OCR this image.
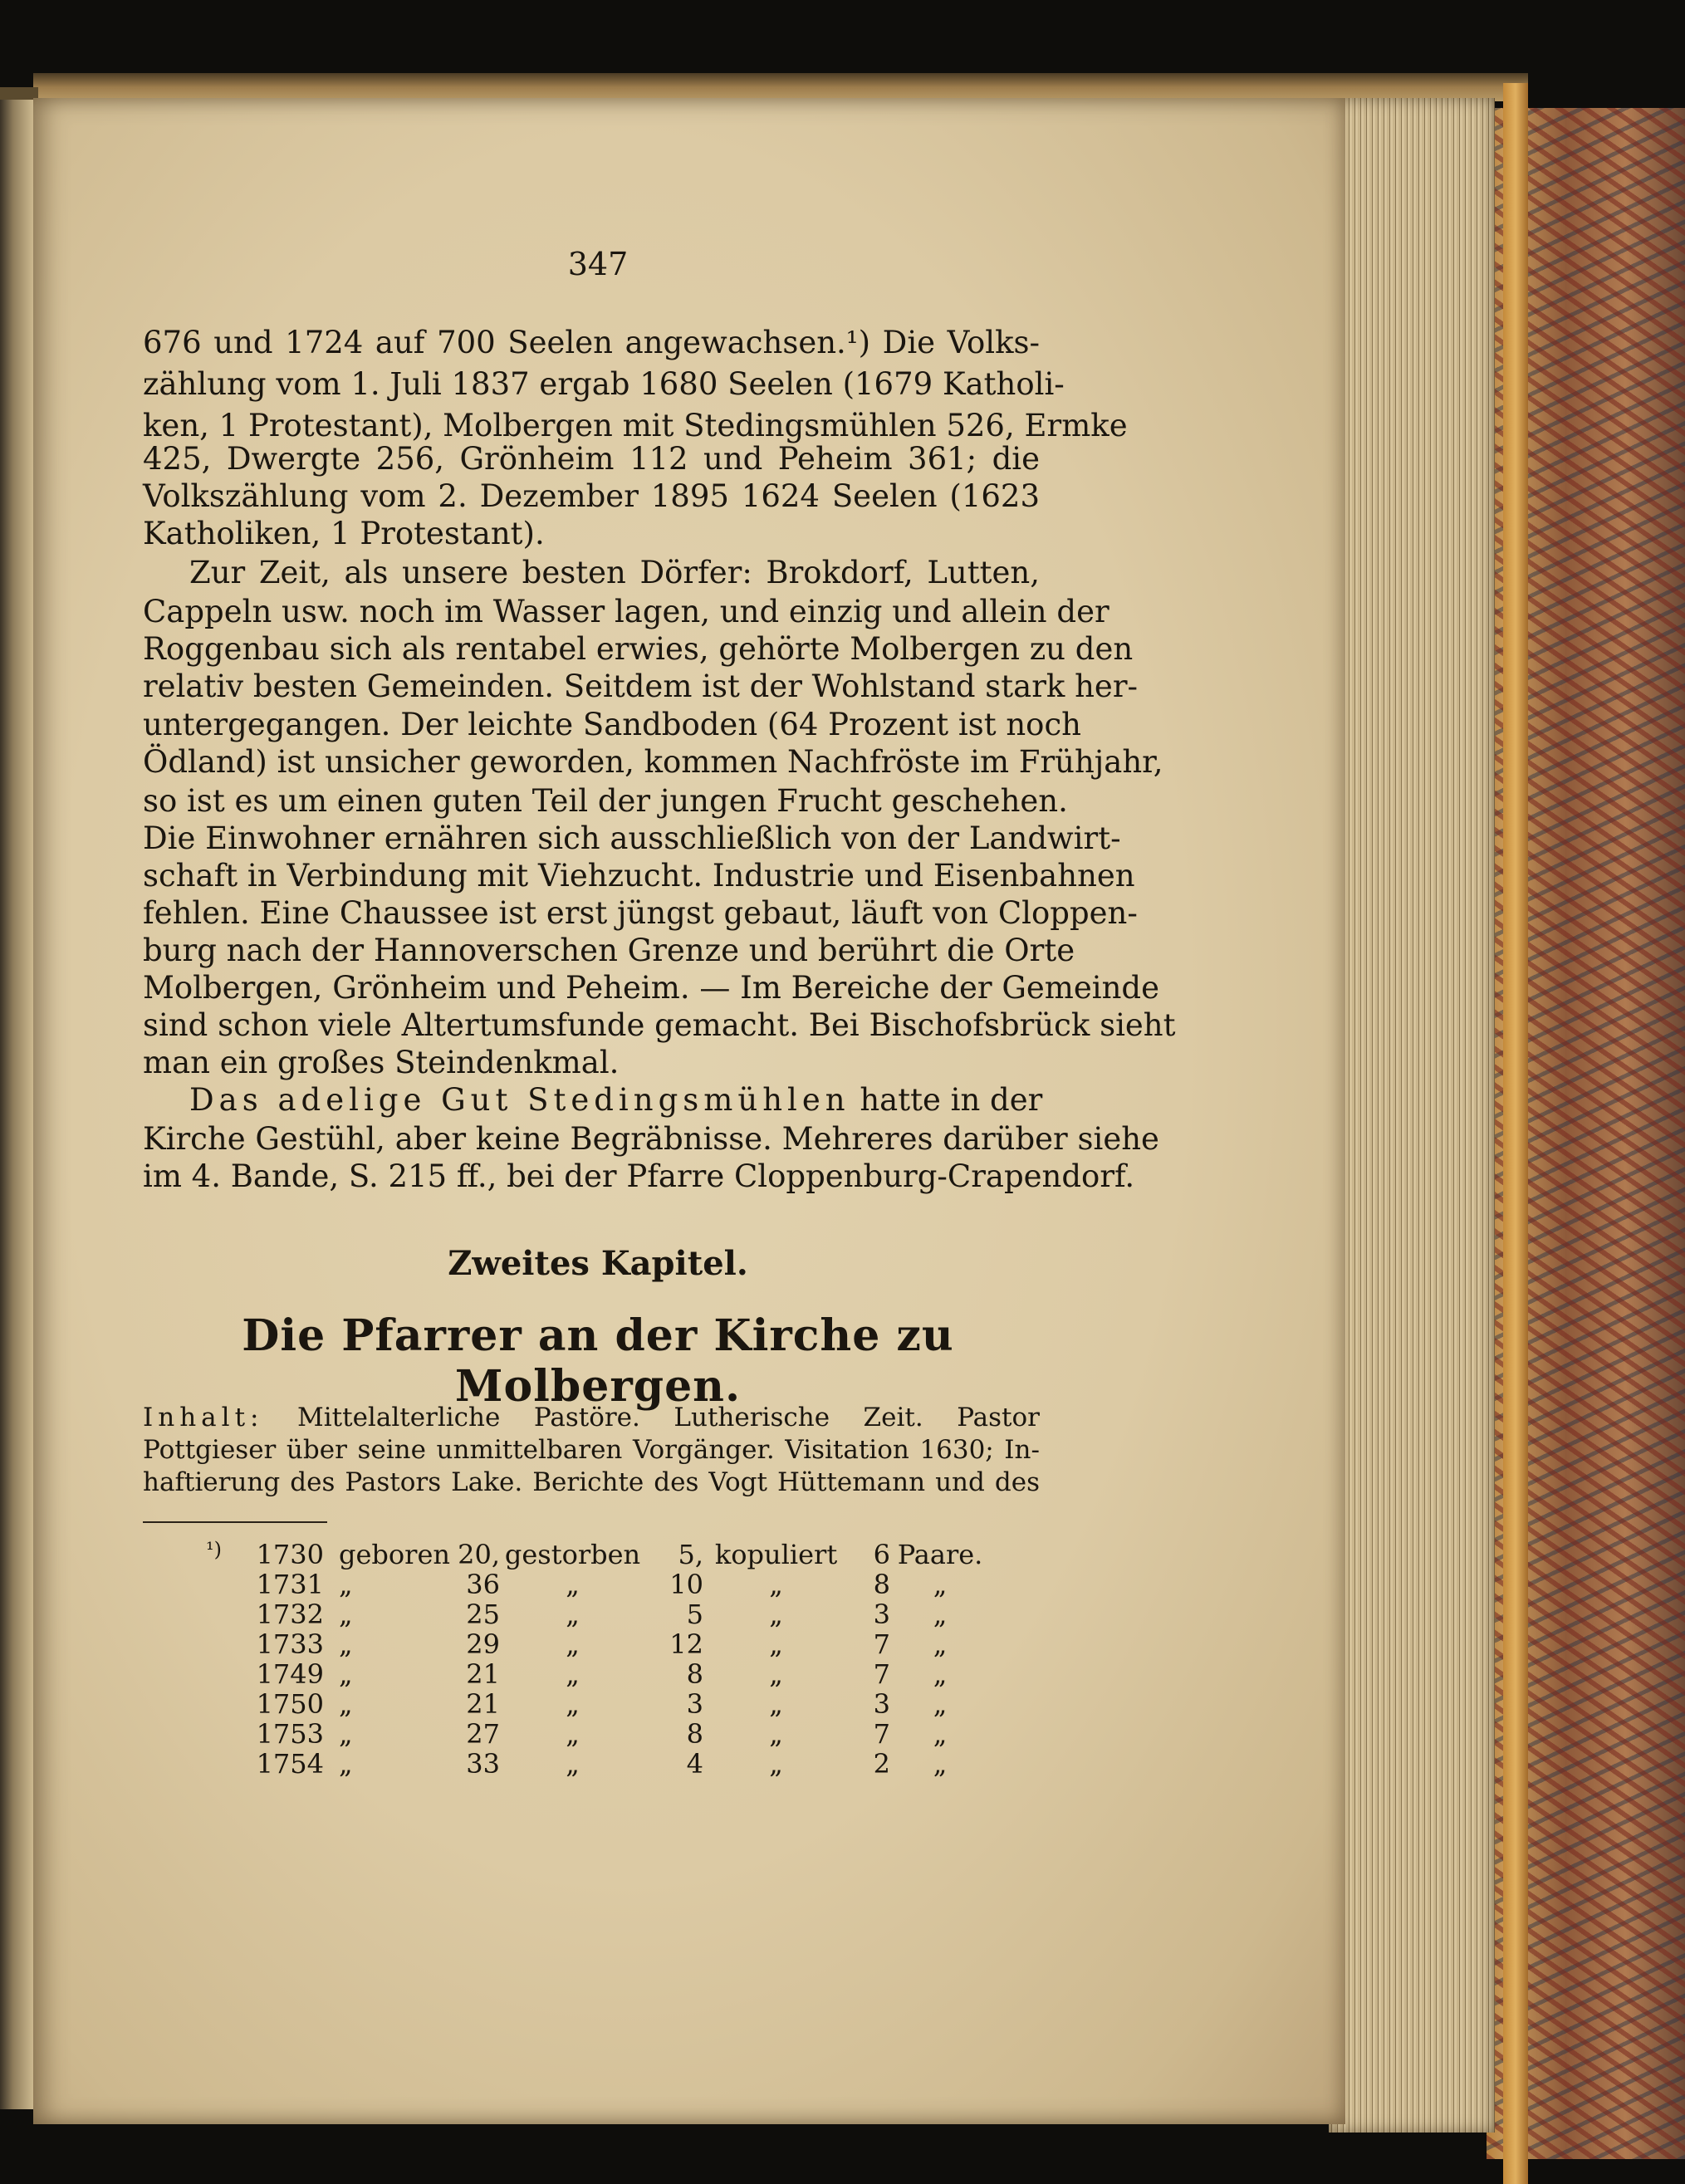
347
676 und 1724 auf 700 Seelen angewachsen.¹) Die Volks-
zählung vom 1. Juli 1837 ergab 1680 Seelen (1679 Katholi-
ken, 1 Protestant), Molbergen mit Stedingsmühlen 526, Ermke
425, Dwergte 256, Grönheim 112 und Peheim 361; die
Volkszählung vom 2. Dezember 1895 1624 Seelen (1623
Katholiken, 1 Protestant).
Zur Zeit, als unsere besten Dörfer: Brokdorf, Lutten,
Cappeln usw. noch im Wasser lagen, und einzig und allein der
Roggenbau sich als rentabel erwies, gehörte Molbergen zu den
relativ besten Gemeinden. Seitdem ist der Wohlstand stark her-
untergegangen. Der leichte Sandboden (64 Prozent ist noch
Ödland) ist unsicher geworden, kommen Nachfröste im Frühjahr,
so ist es um einen guten Teil der jungen Frucht geschehen.
Die Einwohner ernähren sich ausschließlich von der Landwirt-
schaft in Verbindung mit Viehzucht. Industrie und Eisenbahnen
fehlen. Eine Chaussee ist erst jüngst gebaut, läuft von Cloppen-
burg nach der Hannoverschen Grenze und berührt die Orte
Molbergen, Grönheim und Peheim. — Im Bereiche der Gemeinde
sind schon viele Altertumsfunde gemacht. Bei Bischofsbrück sieht
man ein großes Steindenkmal.
Das adelige Gut Stedingsmühlen hatte in der
Kirche Gestühl, aber keine Begräbnisse. Mehreres darüber siehe
im 4. Bande, S. 215 ff., bei der Pfarre Cloppenburg-Crapendorf.
Zweites Kapitel.
Die Pfarrer an der Kirche zu Molbergen.
Inhalt: Mittelalterliche Pastöre. Lutherische Zeit. Pastor
Pottgieser über seine unmittelbaren Vorgänger. Visitation 1630; In-
haftierung des Pastors Lake. Berichte des Vogt Hüttemann und des
¹) 1730	geboren	20,	gestorben	5,	kopuliert	6	Paare.
1731	„	36	„	10	„	8	„
1732	„	25	„	5	„	3	„
1733	„	29	„	12	„	7	„
1749	„	21	„	8	„	7	„
1750	„	21	„	3	„	3	„
1753	„	27	„	8	„	7	„
1754	„	33	„	4	„	2	„
